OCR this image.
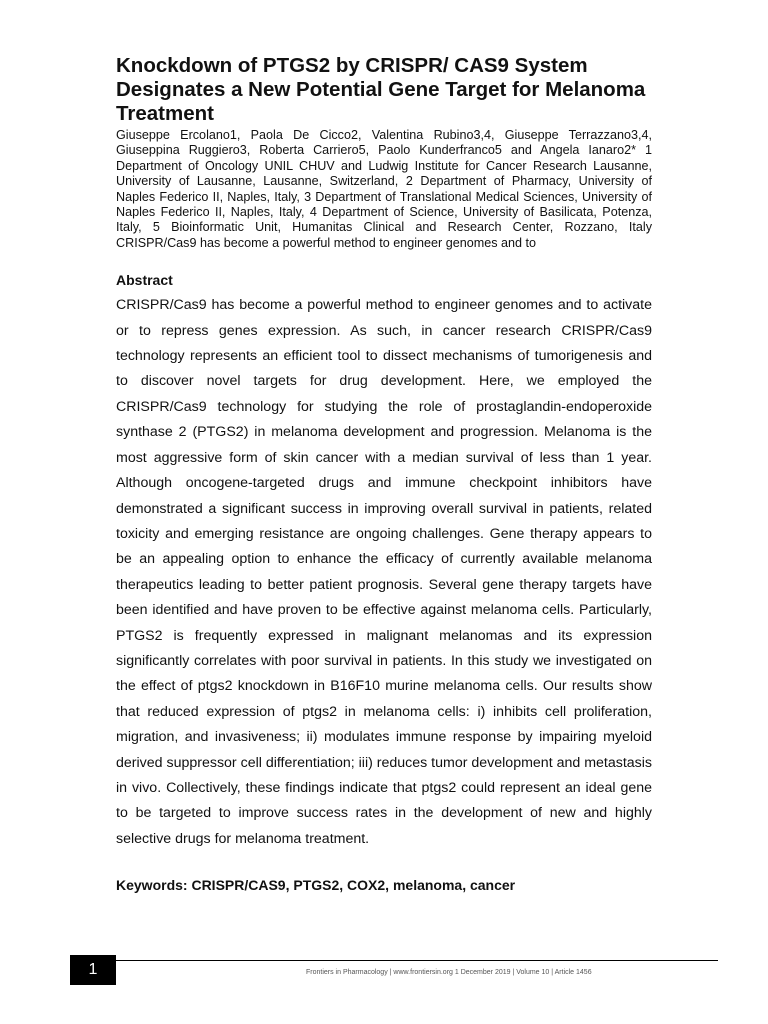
Knockdown of PTGS2 by CRISPR/ CAS9 System Designates a New Potential Gene Target for Melanoma Treatment

Giuseppe Ercolano1, Paola De Cicco2, Valentina Rubino3,4, Giuseppe Terrazzano3,4, Giuseppina Ruggiero3, Roberta Carriero5, Paolo Kunderfranco5 and Angela Ianaro2* 1 Department of Oncology UNIL CHUV and Ludwig Institute for Cancer Research Lausanne, University of Lausanne, Lausanne, Switzerland, 2 Department of Pharmacy, University of Naples Federico II, Naples, Italy, 3 Department of Translational Medical Sciences, University of Naples Federico II, Naples, Italy, 4 Department of Science, University of Basilicata, Potenza, Italy, 5 Bioinformatic Unit, Humanitas Clinical and Research Center, Rozzano, Italy CRISPR/Cas9 has become a powerful method to engineer genomes and to

Abstract

CRISPR/Cas9 has become a powerful method to engineer genomes and to activate or to repress genes expression. As such, in cancer research CRISPR/Cas9 technology represents an efficient tool to dissect mechanisms of tumorigenesis and to discover novel targets for drug development. Here, we employed the CRISPR/Cas9 technology for studying the role of prostaglandin-endoperoxide synthase 2 (PTGS2) in melanoma development and progression. Melanoma is the most aggressive form of skin cancer with a median survival of less than 1 year. Although oncogene-targeted drugs and immune checkpoint inhibitors have demonstrated a significant success in improving overall survival in patients, related toxicity and emerging resistance are ongoing challenges. Gene therapy appears to be an appealing option to enhance the efficacy of currently available melanoma therapeutics leading to better patient prognosis. Several gene therapy targets have been identified and have proven to be effective against melanoma cells. Particularly, PTGS2 is frequently expressed in malignant melanomas and its expression significantly correlates with poor survival in patients. In this study we investigated on the effect of ptgs2 knockdown in B16F10 murine melanoma cells. Our results show that reduced expression of ptgs2 in melanoma cells: i) inhibits cell proliferation, migration, and invasiveness; ii) modulates immune response by impairing myeloid derived suppressor cell differentiation; iii) reduces tumor development and metastasis in vivo. Collectively, these findings indicate that ptgs2 could represent an ideal gene to be targeted to improve success rates in the development of new and highly selective drugs for melanoma treatment.

Keywords: CRISPR/CAS9, PTGS2, COX2, melanoma, cancer

1	Frontiers in Pharmacology | www.frontiersin.org 1 December 2019 | Volume 10 | Article 1456
